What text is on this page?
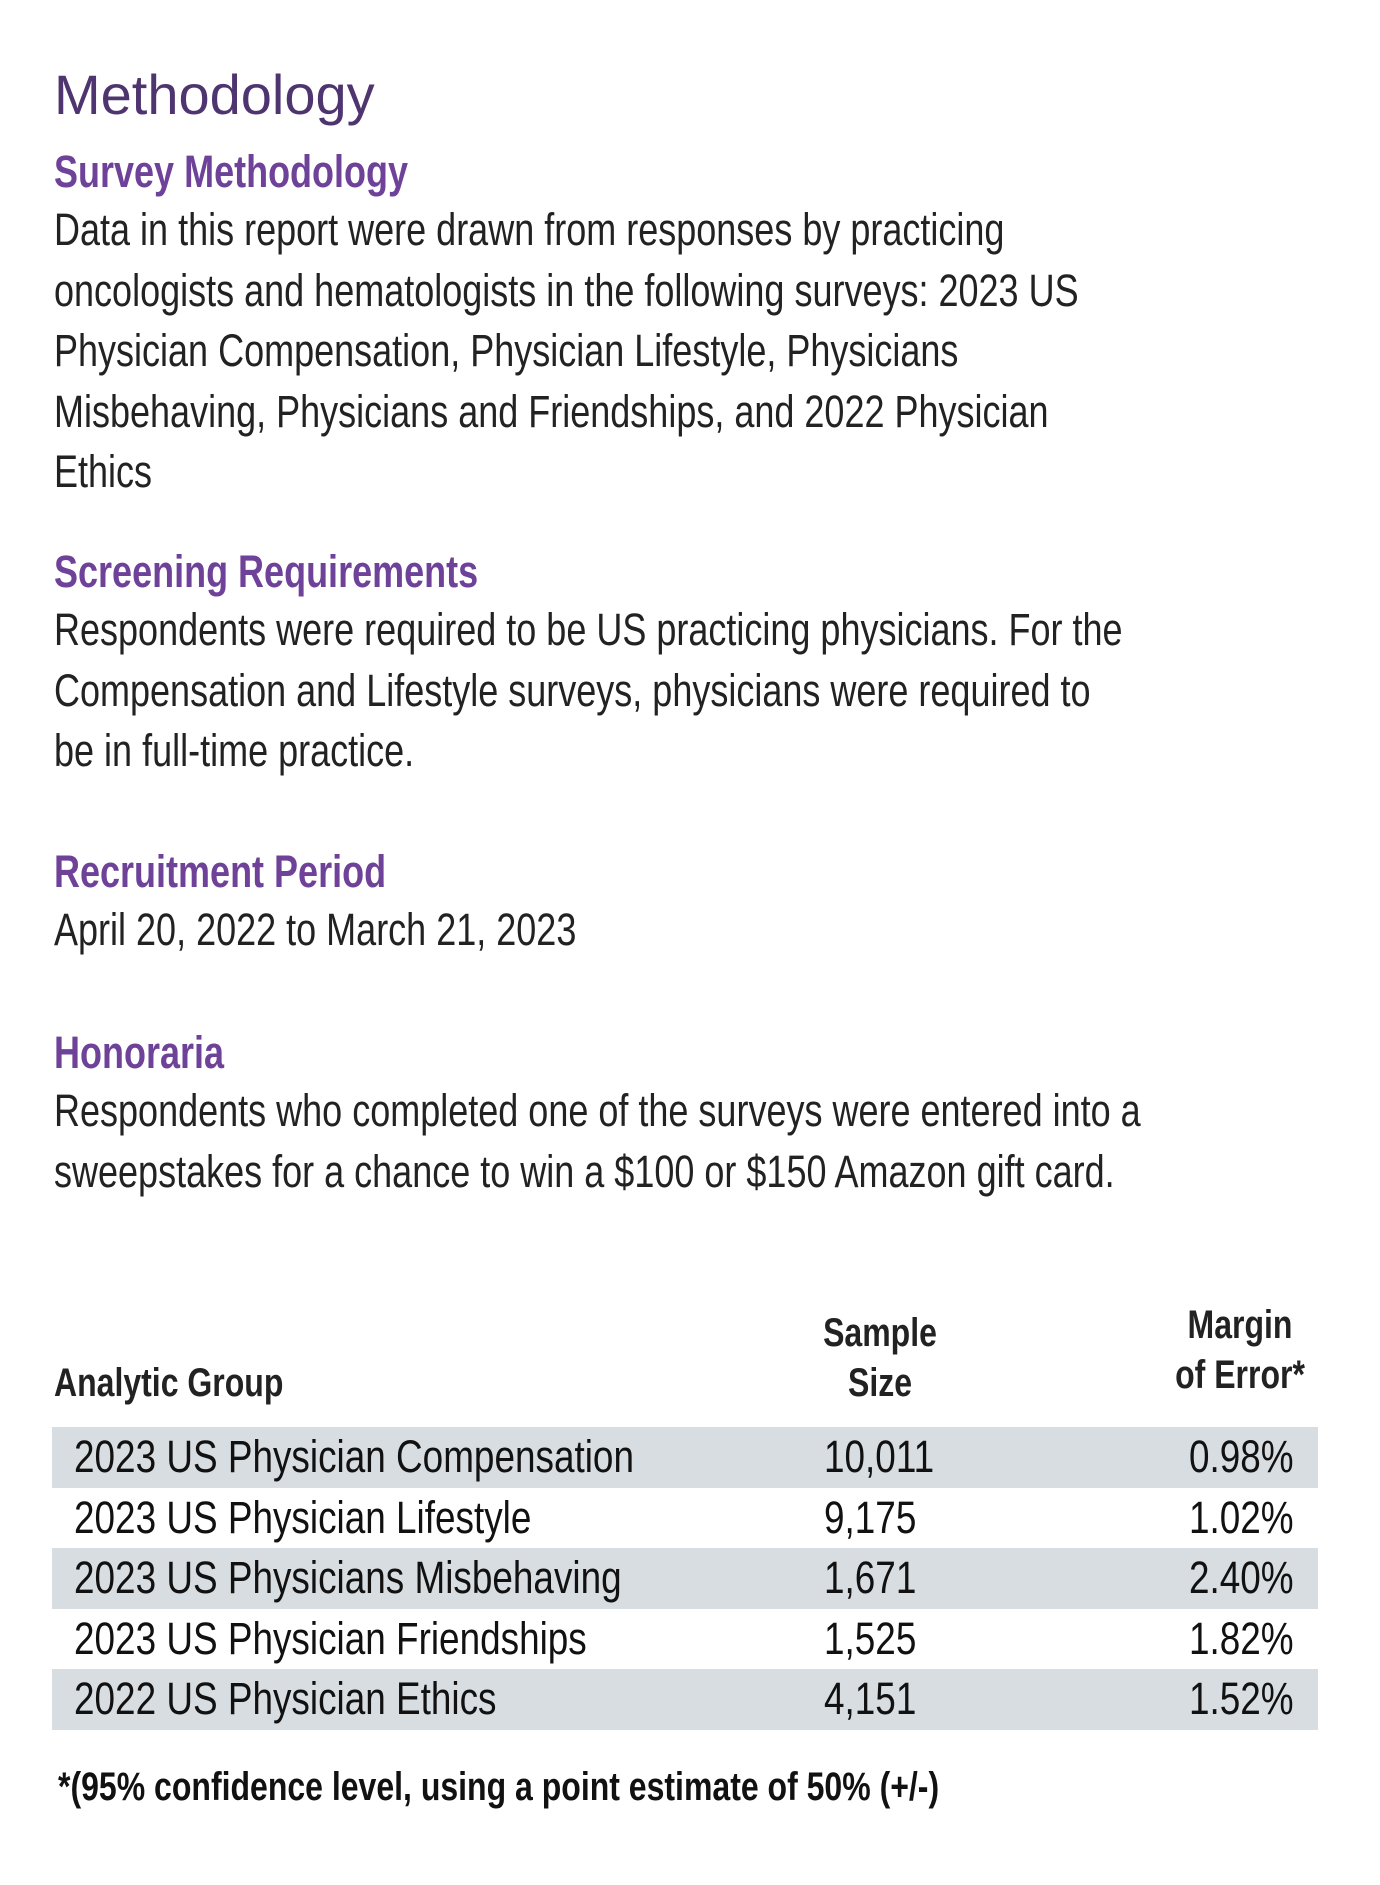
Methodology
Survey Methodology
Data in this report were drawn from responses by practicing
oncologists and hematologists in the following surveys: 2023 US
Physician Compensation, Physician Lifestyle, Physicians
Misbehaving, Physicians and Friendships, and 2022 Physician
Ethics
Screening Requirements
Respondents were required to be US practicing physicians. For the
Compensation and Lifestyle surveys, physicians were required to
be in full-time practice.
Recruitment Period
April 20, 2022 to March 21, 2023
Honoraria
Respondents who completed one of the surveys were entered into a
sweepstakes for a chance to win a $100 or $150 Amazon gift card.
Analytic Group
Sample
Size
Margin
of Error*
2023 US Physician Compensation	10,011	0.98%
2023 US Physician Lifestyle	9,175	1.02%
2023 US Physicians Misbehaving	1,671	2.40%
2023 US Physician Friendships	1,525	1.82%
2022 US Physician Ethics	4,151	1.52%
*(95% confidence level, using a point estimate of 50% (+/-)
